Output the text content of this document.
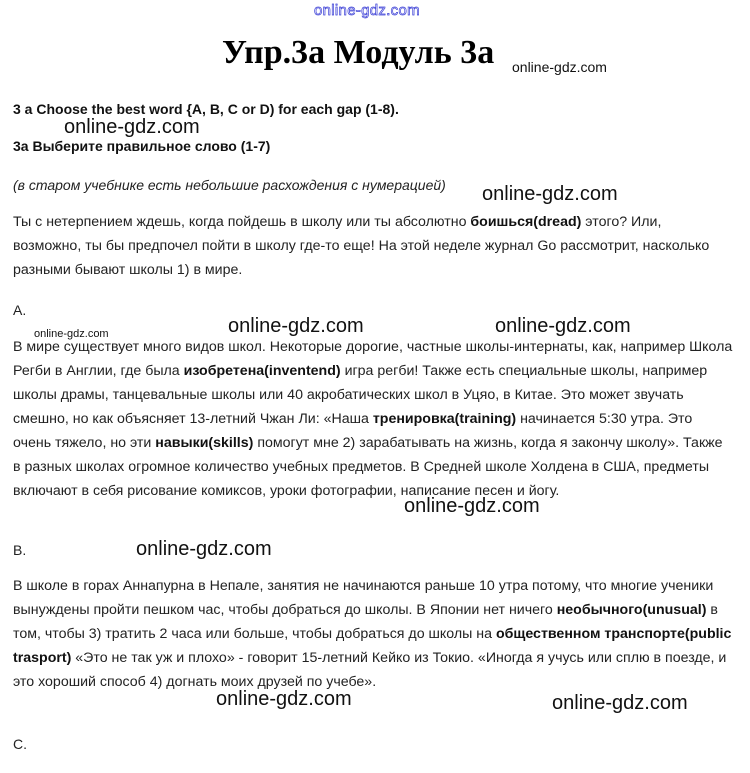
online-gdz.com
Упр.3а Модуль 3а online-gdz.com
3 a Choose the best word {A, B, C or D) for each gap (1-8).
online-gdz.com
3а Выберите правильное слово (1-7)
(в старом учебнике есть небольшие расхождения с нумерацией) online-gdz.com
Ты с нетерпением ждешь, когда пойдешь в школу или ты абсолютно боишься(dread) этого? Или, возможно, ты бы предпочел пойти в школу где-то еще! На этой неделе журнал Go рассмотрит, насколько разными бывают школы 1) в мире.
A.
online-gdz.com	online-gdz.com
online-gdz.com
В мире существует много видов школ. Некоторые дорогие, частные школы-интернаты, как, например Школа Регби в Англии, где была изобретена(inventend) игра регби! Также есть специальные школы, например школы драмы, танцевальные школы или 40 акробатических школ в Уцяо, в Китае. Это может звучать смешно, но как объясняет 13-летний Чжан Ли: «Наша тренировка(training) начинается 5:30 утра. Это очень тяжело, но эти навыки(skills) помогут мне 2) зарабатывать на жизнь, когда я закончу школу». Также в разных школах огромное количество учебных предметов. В Средней школе Холдена в США, предметы включают в себя рисование комиксов, уроки фотографии, написание песен и йогу.
online-gdz.com
B.	online-gdz.com
В школе в горах Аннапурна в Непале, занятия не начинаются раньше 10 утра потому, что многие ученики вынуждены пройти пешком час, чтобы добраться до школы. В Японии нет ничего необычного(unusual) в том, чтобы 3) тратить 2 часа или больше, чтобы добраться до школы на общественном транспорте(public trasport) «Это не так уж и плохо» - говорит 15-летний Кейко из Токио. «Иногда я учусь или сплю в поезде, и это хороший способ 4) догнать моих друзей по учебе».
online-gdz.com	online-gdz.com
C.
